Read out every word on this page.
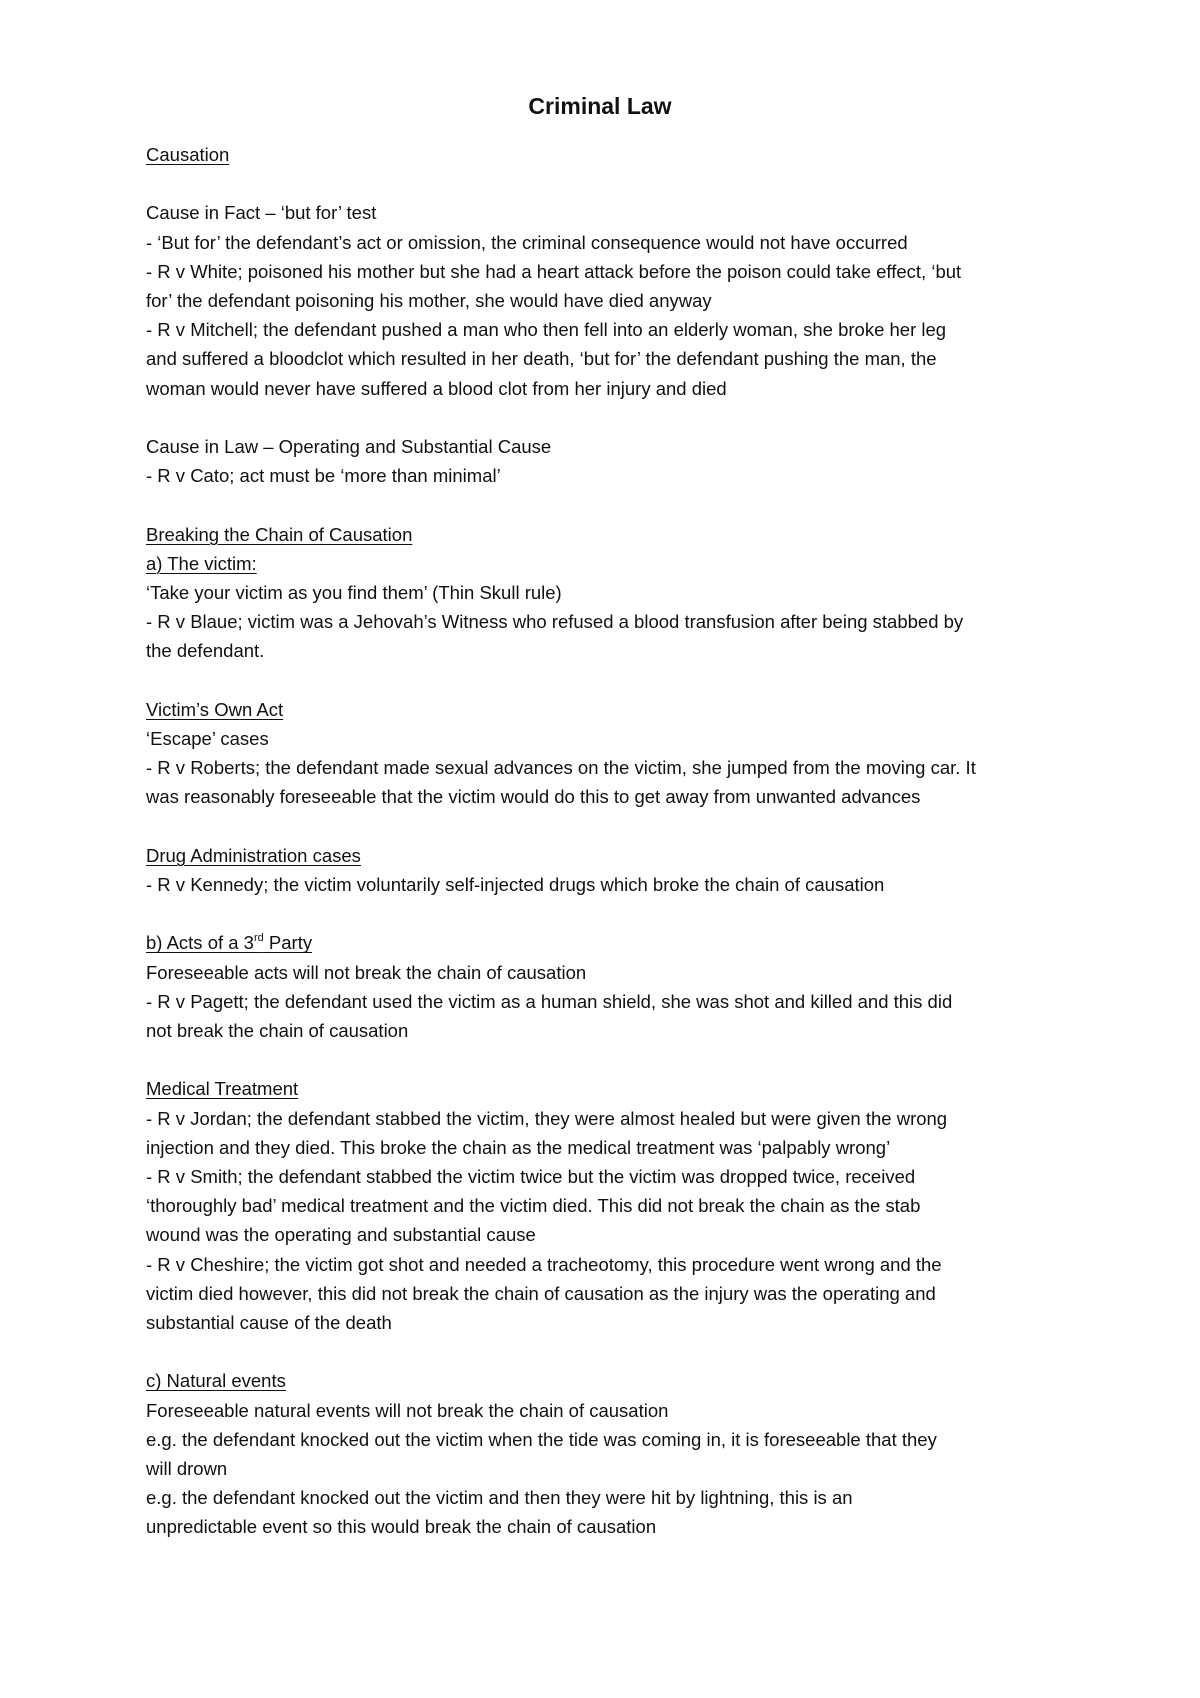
Criminal Law
Causation
Cause in Fact – ‘but for’ test
- ‘But for’ the defendant’s act or omission, the criminal consequence would not have occurred
- R v White; poisoned his mother but she had a heart attack before the poison could take effect, ‘but
for’ the defendant poisoning his mother, she would have died anyway
- R v Mitchell; the defendant pushed a man who then fell into an elderly woman, she broke her leg
and suffered a bloodclot which resulted in her death, ‘but for’ the defendant pushing the man, the
woman would never have suffered a blood clot from her injury and died
Cause in Law – Operating and Substantial Cause
- R v Cato; act must be ‘more than minimal’
Breaking the Chain of Causation
a) The victim:
‘Take your victim as you find them’ (Thin Skull rule)
- R v Blaue; victim was a Jehovah’s Witness who refused a blood transfusion after being stabbed by
the defendant.
Victim’s Own Act
‘Escape’ cases
- R v Roberts; the defendant made sexual advances on the victim, she jumped from the moving car. It
was reasonably foreseeable that the victim would do this to get away from unwanted advances
Drug Administration cases
- R v Kennedy; the victim voluntarily self-injected drugs which broke the chain of causation
b) Acts of a 3rd Party
Foreseeable acts will not break the chain of causation
- R v Pagett; the defendant used the victim as a human shield, she was shot and killed and this did
not break the chain of causation
Medical Treatment
- R v Jordan; the defendant stabbed the victim, they were almost healed but were given the wrong
injection and they died. This broke the chain as the medical treatment was ‘palpably wrong’
- R v Smith; the defendant stabbed the victim twice but the victim was dropped twice, received
‘thoroughly bad’ medical treatment and the victim died. This did not break the chain as the stab
wound was the operating and substantial cause
- R v Cheshire; the victim got shot and needed a tracheotomy, this procedure went wrong and the
victim died however, this did not break the chain of causation as the injury was the operating and
substantial cause of the death
c) Natural events
Foreseeable natural events will not break the chain of causation
e.g. the defendant knocked out the victim when the tide was coming in, it is foreseeable that they
will drown
e.g. the defendant knocked out the victim and then they were hit by lightning, this is an
unpredictable event so this would break the chain of causation
